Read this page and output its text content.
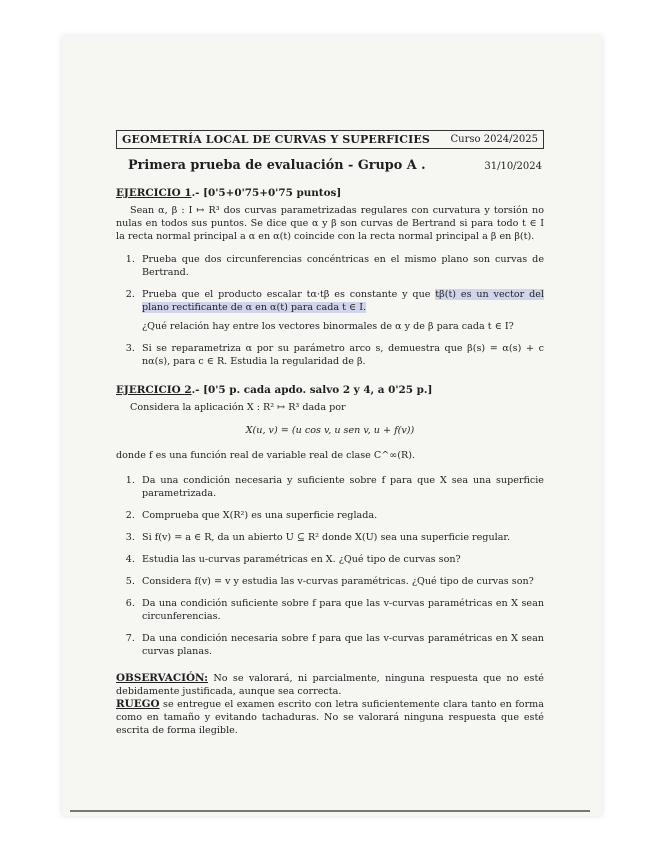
GEOMETRÍA LOCAL DE CURVAS Y SUPERFICIES Curso 2024/2025
Primera prueba de evaluación - Grupo A .	31/10/2024
EJERCICIO 1.- [0'5+0'75+0'75 puntos]

Sean α, β : I ↦ R³ dos curvas parametrizadas regulares con curvatura y torsión no nulas en todos sus puntos. Se dice que α y β son curvas de Bertrand si para todo t ∈ I la recta normal principal a α en α(t) coincide con la recta normal principal a β en β(t).

1. Prueba que dos circunferencias concéntricas en el mismo plano son curvas de Bertrand.
2. Prueba que el producto escalar tα·tβ es constante y que tβ(t) es un vector del plano rectificante de α en α(t) para cada t ∈ I.

¿Qué relación hay entre los vectores binormales de α y de β para cada t ∈ I?

3. Si se reparametriza α por su parámetro arco s, demuestra que β(s) = α(s) + c nα(s), para c ∈ R. Estudia la regularidad de β.
EJERCICIO 2.- [0'5 p. cada apdo. salvo 2 y 4, a 0'25 p.]

Considera la aplicación X : R² ↦ R³ dada por

X(u, v) = (u cos v, u sen v, u + f(v))

donde f es una función real de variable real de clase C^∞(R).

1. Da una condición necesaria y suficiente sobre f para que X sea una superficie parametrizada.
2. Comprueba que X(R²) es una superficie reglada.
3. Si f(v) = a ∈ R, da un abierto U ⊆ R² donde X(U) sea una superficie regular.
4. Estudia las u-curvas paramétricas en X. ¿Qué tipo de curvas son?
5. Considera f(v) = v y estudia las v-curvas paramétricas. ¿Qué tipo de curvas son?
6. Da una condición suficiente sobre f para que las v-curvas paramétricas en X sean circunferencias.
7. Da una condición necesaria sobre f para que las v-curvas paramétricas en X sean curvas planas.

OBSERVACIÓN: No se valorará, ni parcialmente, ninguna respuesta que no esté debidamente justificada, aunque sea correcta.

RUEGO se entregue el examen escrito con letra suficientemente clara tanto en forma como en tamaño y evitando tachaduras. No se valorará ninguna respuesta que esté escrita de forma ilegible.
